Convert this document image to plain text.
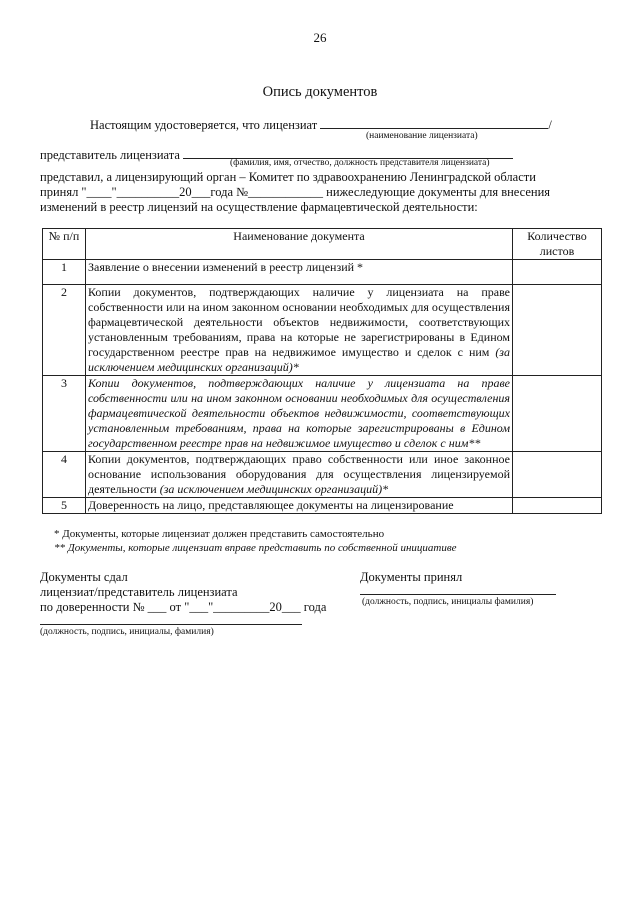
26
Опись документов
Настоящим удостоверяется, что лицензиат	/
(наименование лицензиата)
представитель лицензиата
(фамилия, имя, отчество, должность представителя лицензиата)
представил, а лицензирующий орган – Комитет по здравоохранению Ленинградской области
принял "____"__________20___года №____________ нижеследующие документы для внесения
изменений в реестр лицензий на осуществление фармацевтической деятельности:
№ п/п	Наименование документа	Количество листов
1	Заявление о внесении изменений в реестр лицензий *	
2	Копии документов, подтверждающих наличие у лицензиата на праве собственности или на ином законном основании необходимых для осуществления фармацевтической деятельности объектов недвижимости, соответствующих установленным требованиям, права на которые не зарегистрированы в Едином государственном реестре прав на недвижимое имущество и сделок с ним (за исключением медицинских организаций)*	
3	Копии документов, подтверждающих наличие у лицензиата на праве собственности или на ином законном основании необходимых для осуществления фармацевтической деятельности объектов недвижимости, соответствующих установленным требованиям, права на которые зарегистрированы в Едином государственном реестре прав на недвижимое имущество и сделок с ним**	
4	Копии документов, подтверждающих право собственности или иное законное основание использования оборудования для осуществления лицензируемой деятельности (за исключением медицинских организаций)*	
5	Доверенность на лицо, представляющее документы на лицензирование	
* Документы, которые лицензиат должен представить самостоятельно
** Документы, которые лицензиат вправе представить по собственной инициативе
Документы сдал
лицензиат/представитель лицензиата
по доверенности № ___ от "___"_________20___ года
(должность, подпись, инициалы, фамилия)
Документы принял
(должность, подпись, инициалы фамилия)
